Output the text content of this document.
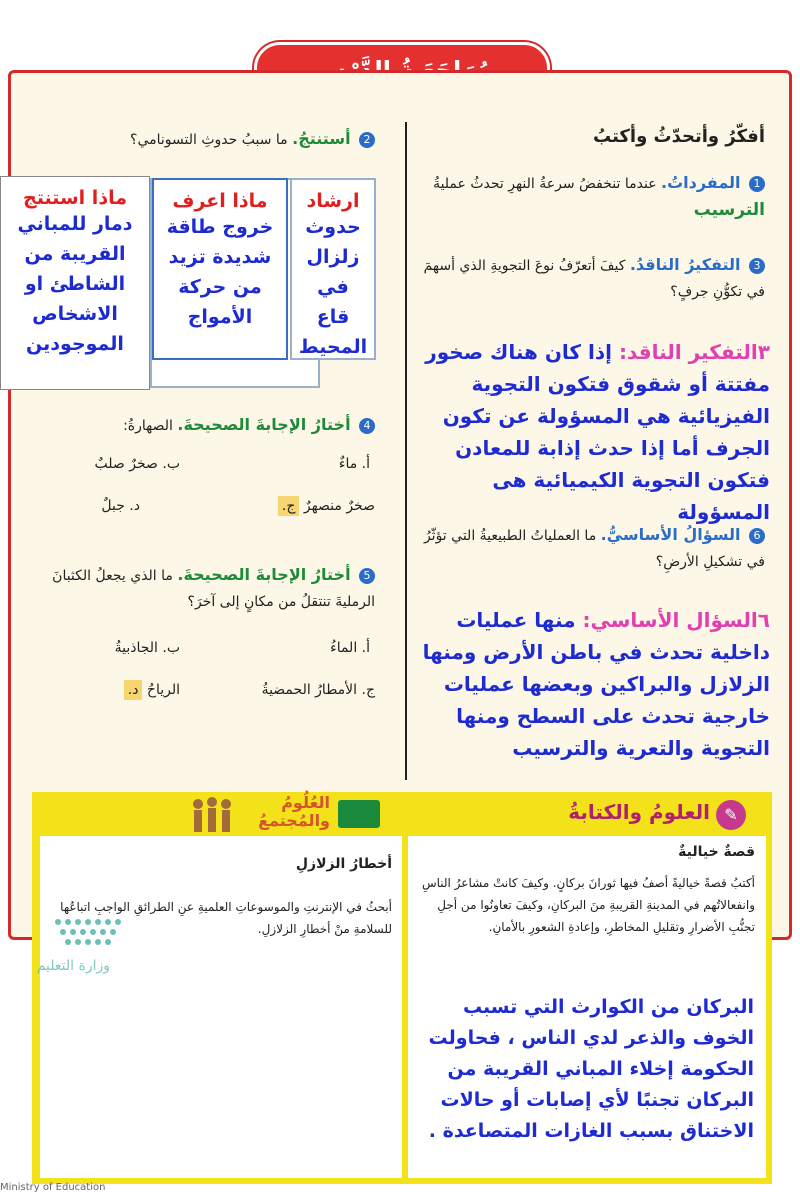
أفكّرُ وأتحدّثُ وأكتبُ
1 المفرداتُ. عندما تنخفضُ سرعةُ النهرِ تحدثُ عمليةُ الترسيب
3 التفكيرُ الناقدُ. كيفَ أتعرّفُ نوعَ التجويةِ الذي أسهمَ في تكوُّنِ جرفٍ؟
٣التفكير الناقد: إذا كان هناك صخور مفتتة أو شقوق فتكون التجوية الفيزيائية هي المسؤولة عن تكون الجرف أما إذا حدث إذابة للمعادن فتكون التجوية الكيميائية هى المسؤولة
6 السؤالُ الأساسيُّ. ما العملياتُ الطبيعيةُ التي تؤثّرُ في تشكيلِ الأرضِ؟
٦السؤال الأساسي: منها عمليات داخلية تحدث في باطن الأرض ومنها الزلازل والبراكين وبعضها عمليات خارجية تحدث على السطح ومنها التجوية والتعرية والترسيب
2 أستنتجُ. ما سببُ حدوثِ التسونامي؟
ماذا استنتج
دمار للمباني القريبة من الشاطئ او الاشخاص الموجودين
ماذا اعرف
خروج طاقة شديدة تزيد من حركة الأمواج
ارشاد
حدوث زلزال في قاع المحيط
4 أختارُ الإجابةَ الصحيحةَ. الصهارةُ:
أ. ماءٌ
ب. صخرٌ صلبٌ
صخرٌ منصهرٌ ج.
د. جبلٌ
5 أختارُ الإجابةَ الصحيحةَ. ما الذي يجعلُ الكثبانَ الرمليةَ تنتقلُ من مكانٍ إلى آخرَ؟
أ. الماءُ
ب. الجاذبيةُ
ج. الأمطارُ الحمضيةُ
الرياحُ د.
العلومُ والكتابةُ ✎
قصةٌ خياليةٌ
أكتبُ قصةً خياليةً أصفُ فيها ثورانَ بركانٍ. وكيفَ كانتْ مشاعرُ الناسِ وانفعالاتُهم في المدينةِ القريبةِ منَ البركانِ، وكيفَ تعاونُوا من أجلِ تجنُّبِ الأضرارِ وتقليلِ المخاطرِ، وإعادةِ الشعورِ بالأمانِ.
البركان من الكوارث التي تسبب الخوف والذعر لدي الناس ، فحاولت الحكومة إخلاء المباني القريبة من البركان تجنبًا لأي إصابات أو حالات الاختناق بسبب الغازات المتصاعدة .
العُلُومُ
والمُجتمعُ
أخطارُ الزلازلِ
أبحثُ في الإنترنتِ والموسوعاتِ العلميةِ عنِ الطرائقِ الواجبِ اتباعُها للسلامةِ منْ أخطارِ الزلازلِ.
وزارة التعليم
Ministry of Education
